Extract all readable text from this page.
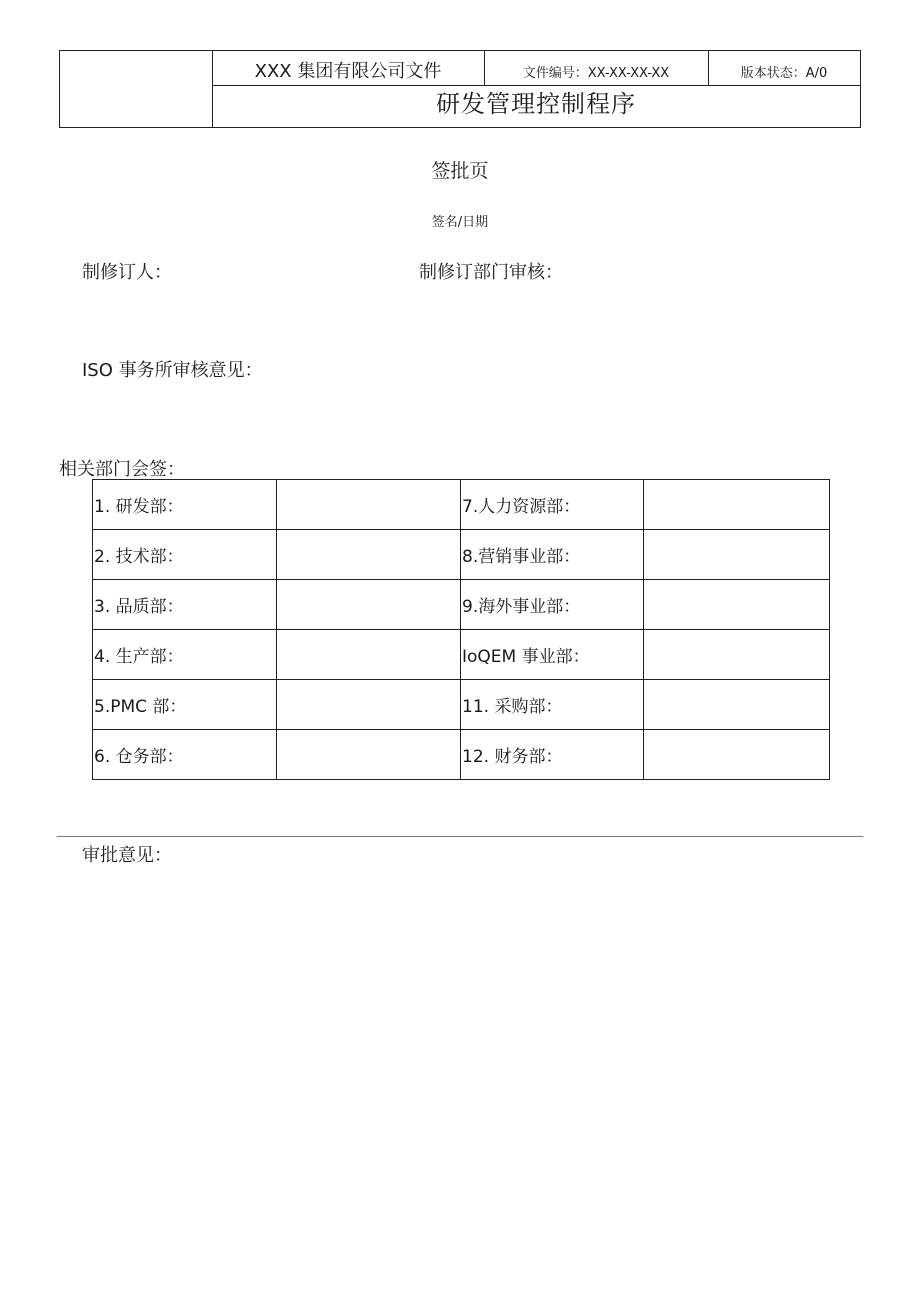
XXX 集团有限公司文件	文件编号：XX-XX-XX-XX	版本状态：A/0
研发管理控制程序
签批页
签名/日期
制修订人：	制修订部门审核：
ISO 事务所审核意见：
相关部门会签：
1. 研发部：		7.人力资源部：	
2. 技术部：		8.营销事业部：	
3. 品质部：		9.海外事业部：	
4. 生产部：		IoQEM 事业部：	
5.PMC 部：		11. 采购部：	
6. 仓务部：		12. 财务部：	
审批意见：
